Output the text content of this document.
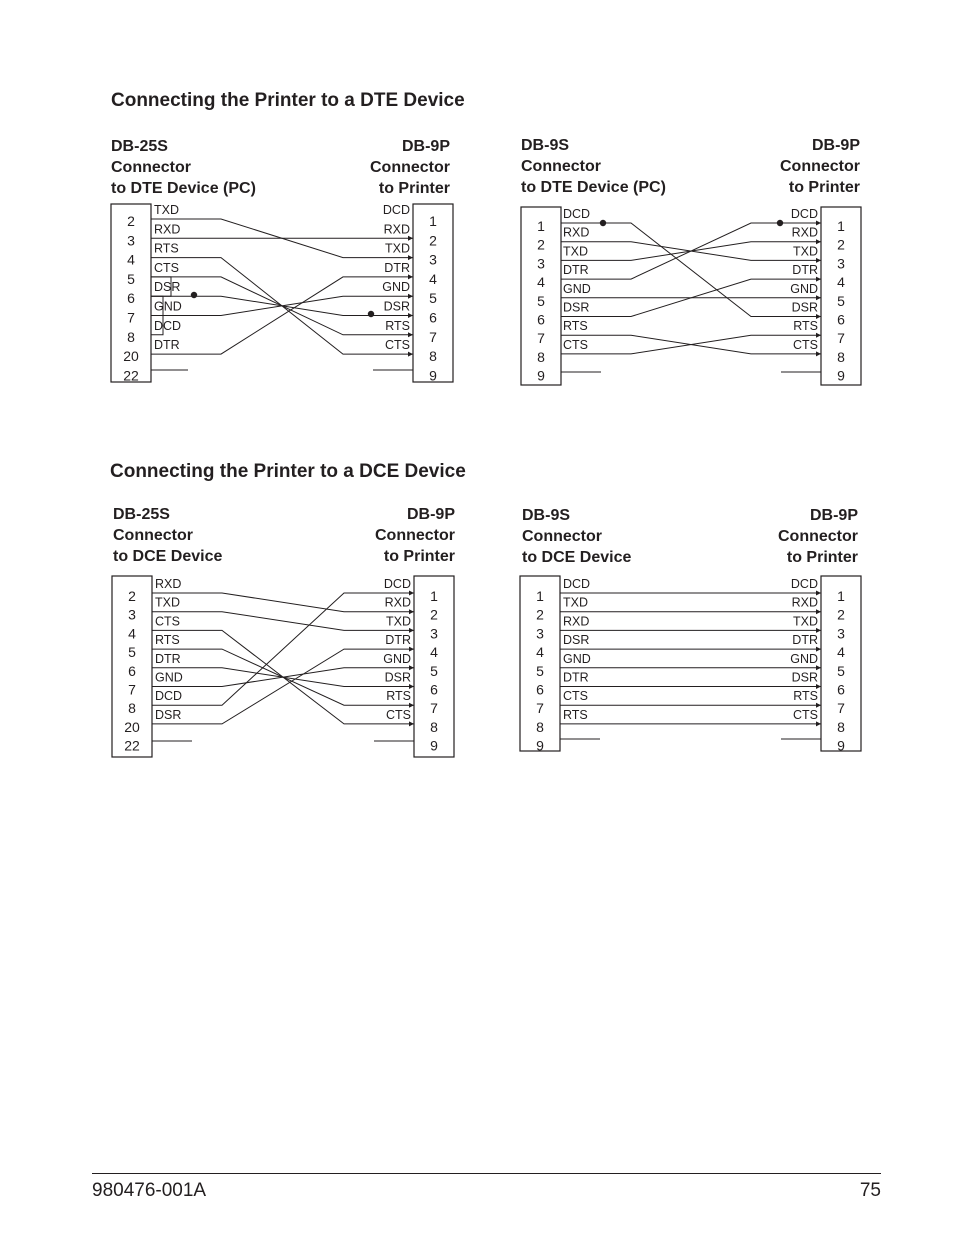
Connecting the Printer to a DTE Device
Connecting the Printer to a DCE Device
DB-25S
Connector
to DTE Device (PC)
DB-9P
Connector
to Printer
2
3
4
5
6
7
8
20
22
1
2
3
4
5
6
7
8
9
TXD
RXD
RTS
CTS
DSR
GND
DCD
DTR
DCD
RXD
TXD
DTR
GND
DSR
RTS
CTS
DB-9S
Connector
to DTE Device (PC)
DB-9P
Connector
to Printer
1
2
3
4
5
6
7
8
9
1
2
3
4
5
6
7
8
9
DCD
RXD
TXD
DTR
GND
DSR
RTS
CTS
DCD
RXD
TXD
DTR
GND
DSR
RTS
CTS
DB-25S
Connector
to DCE Device
DB-9P
Connector
to Printer
2
3
4
5
6
7
8
20
22
1
2
3
4
5
6
7
8
9
RXD
TXD
CTS
RTS
DTR
GND
DCD
DSR
DCD
RXD
TXD
DTR
GND
DSR
RTS
CTS
DB-9S
Connector
to DCE Device
DB-9P
Connector
to Printer
1
2
3
4
5
6
7
8
9
1
2
3
4
5
6
7
8
9
DCD
TXD
RXD
DSR
GND
DTR
CTS
RTS
DCD
RXD
TXD
DTR
GND
DSR
RTS
CTS
980476-001A	75
